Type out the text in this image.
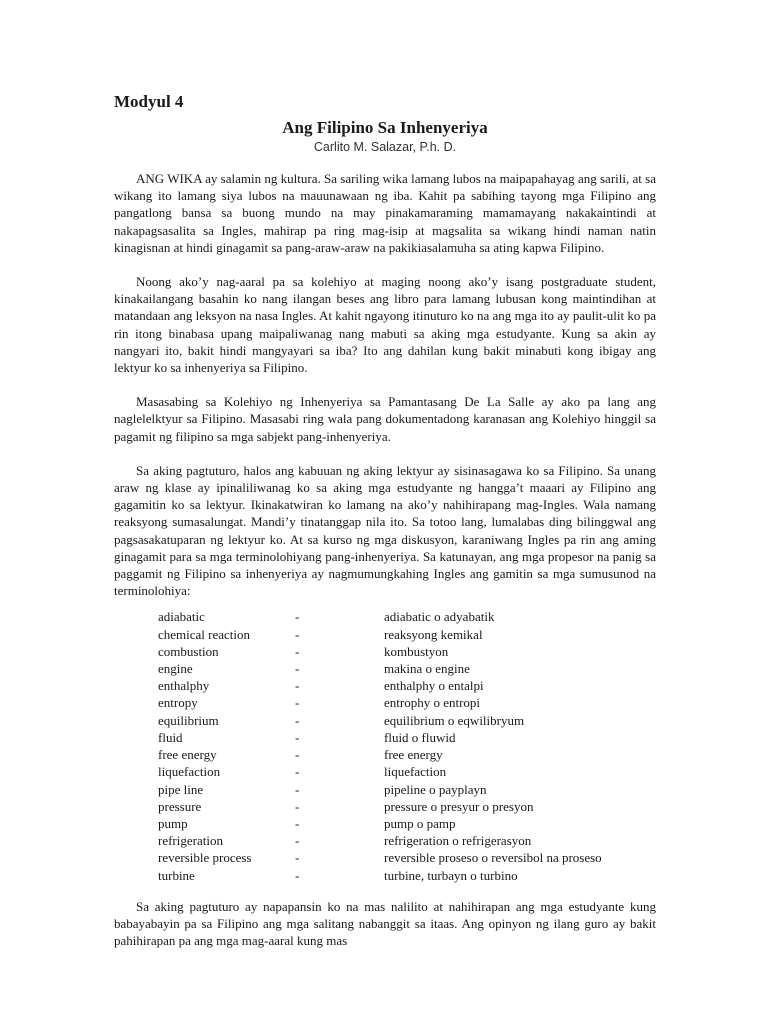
Modyul 4
Ang Filipino Sa Inhenyeriya
Carlito M. Salazar, P.h. D.

ANG WIKA ay salamin ng kultura. Sa sariling wika lamang lubos na maipapahayag ang sarili, at sa wikang ito lamang siya lubos na mauunawaan ng iba. Kahit pa sabihing tayong mga Filipino ang pangatlong bansa sa buong mundo na may pinakamaraming mamamayang nakakaintindi at nakapagsasalita sa Ingles, mahirap pa ring mag-isip at magsalita sa wikang hindi naman natin kinagisnan at hindi ginagamit sa pang-araw-araw na pakikiasalamuha sa ating kapwa Filipino.

Noong ako’y nag-aaral pa sa kolehiyo at maging noong ako’y isang postgraduate student, kinakailangang basahin ko nang ilangan beses ang libro para lamang lubusan kong maintindihan at matandaan ang leksyon na nasa Ingles. At kahit ngayong itinuturo ko na ang mga ito ay paulit-ulit ko pa rin itong binabasa upang maipaliwanag nang mabuti sa aking mga estudyante. Kung sa akin ay nangyari ito, bakit hindi mangyayari sa iba? Ito ang dahilan kung bakit minabuti kong ibigay ang lektyur ko sa inhenyeriya sa Filipino.

Masasabing sa Kolehiyo ng Inhenyeriya sa Pamantasang De La Salle ay ako pa lang ang naglelelktyur sa Filipino. Masasabi ring wala pang dokumentadong karanasan ang Kolehiyo hinggil sa pagamit ng filipino sa mga sabjekt pang-inhenyeriya.

Sa aking pagtuturo, halos ang kabuuan ng aking lektyur ay sisinasagawa ko sa Filipino. Sa unang araw ng klase ay ipinaliliwanag ko sa aking mga estudyante ng hangga’t maaari ay Filipino ang gagamitin ko sa lektyur. Ikinakatwiran ko lamang na ako’y nahihirapang mag-Ingles. Wala namang reaksyong sumasalungat. Mandi’y tinatanggap nila ito. Sa totoo lang, lumalabas ding bilinggwal ang pagsasakatuparan ng lektyur ko. At sa kurso ng mga diskusyon, karaniwang Ingles pa rin ang aming ginagamit para sa mga terminolohiyang pang-inhenyeriya. Sa katunayan, ang mga propesor na panig sa paggamit ng Filipino sa inhenyeriya ay nagmumungkahing Ingles ang gamitin sa mga sumusunod na terminolohiya:

adiabatic	-	adiabatic o adyabatik
chemical reaction	-	reaksyong kemikal
combustion	-	kombustyon
engine	-	makina o engine
enthalphy	-	enthalphy o entalpi
entropy	-	entrophy o entropi
equilibrium	-	equilibrium o eqwilibryum
fluid	-	fluid o fluwid
free energy	-	free energy
liquefaction	-	liquefaction
pipe line	-	pipeline o payplayn
pressure	-	pressure o presyur o presyon
pump	-	pump o pamp
refrigeration	-	refrigeration o refrigerasyon
reversible process	-	reversible proseso o reversibol na proseso
turbine	-	turbine, turbayn o turbino

Sa aking pagtuturo ay napapansin ko na mas nalilito at nahihirapan ang mga estudyante kung babayabayin pa sa Filipino ang mga salitang nabanggit sa itaas. Ang opinyon ng ilang guro ay bakit pahihirapan pa ang mga mag-aaral kung mas
